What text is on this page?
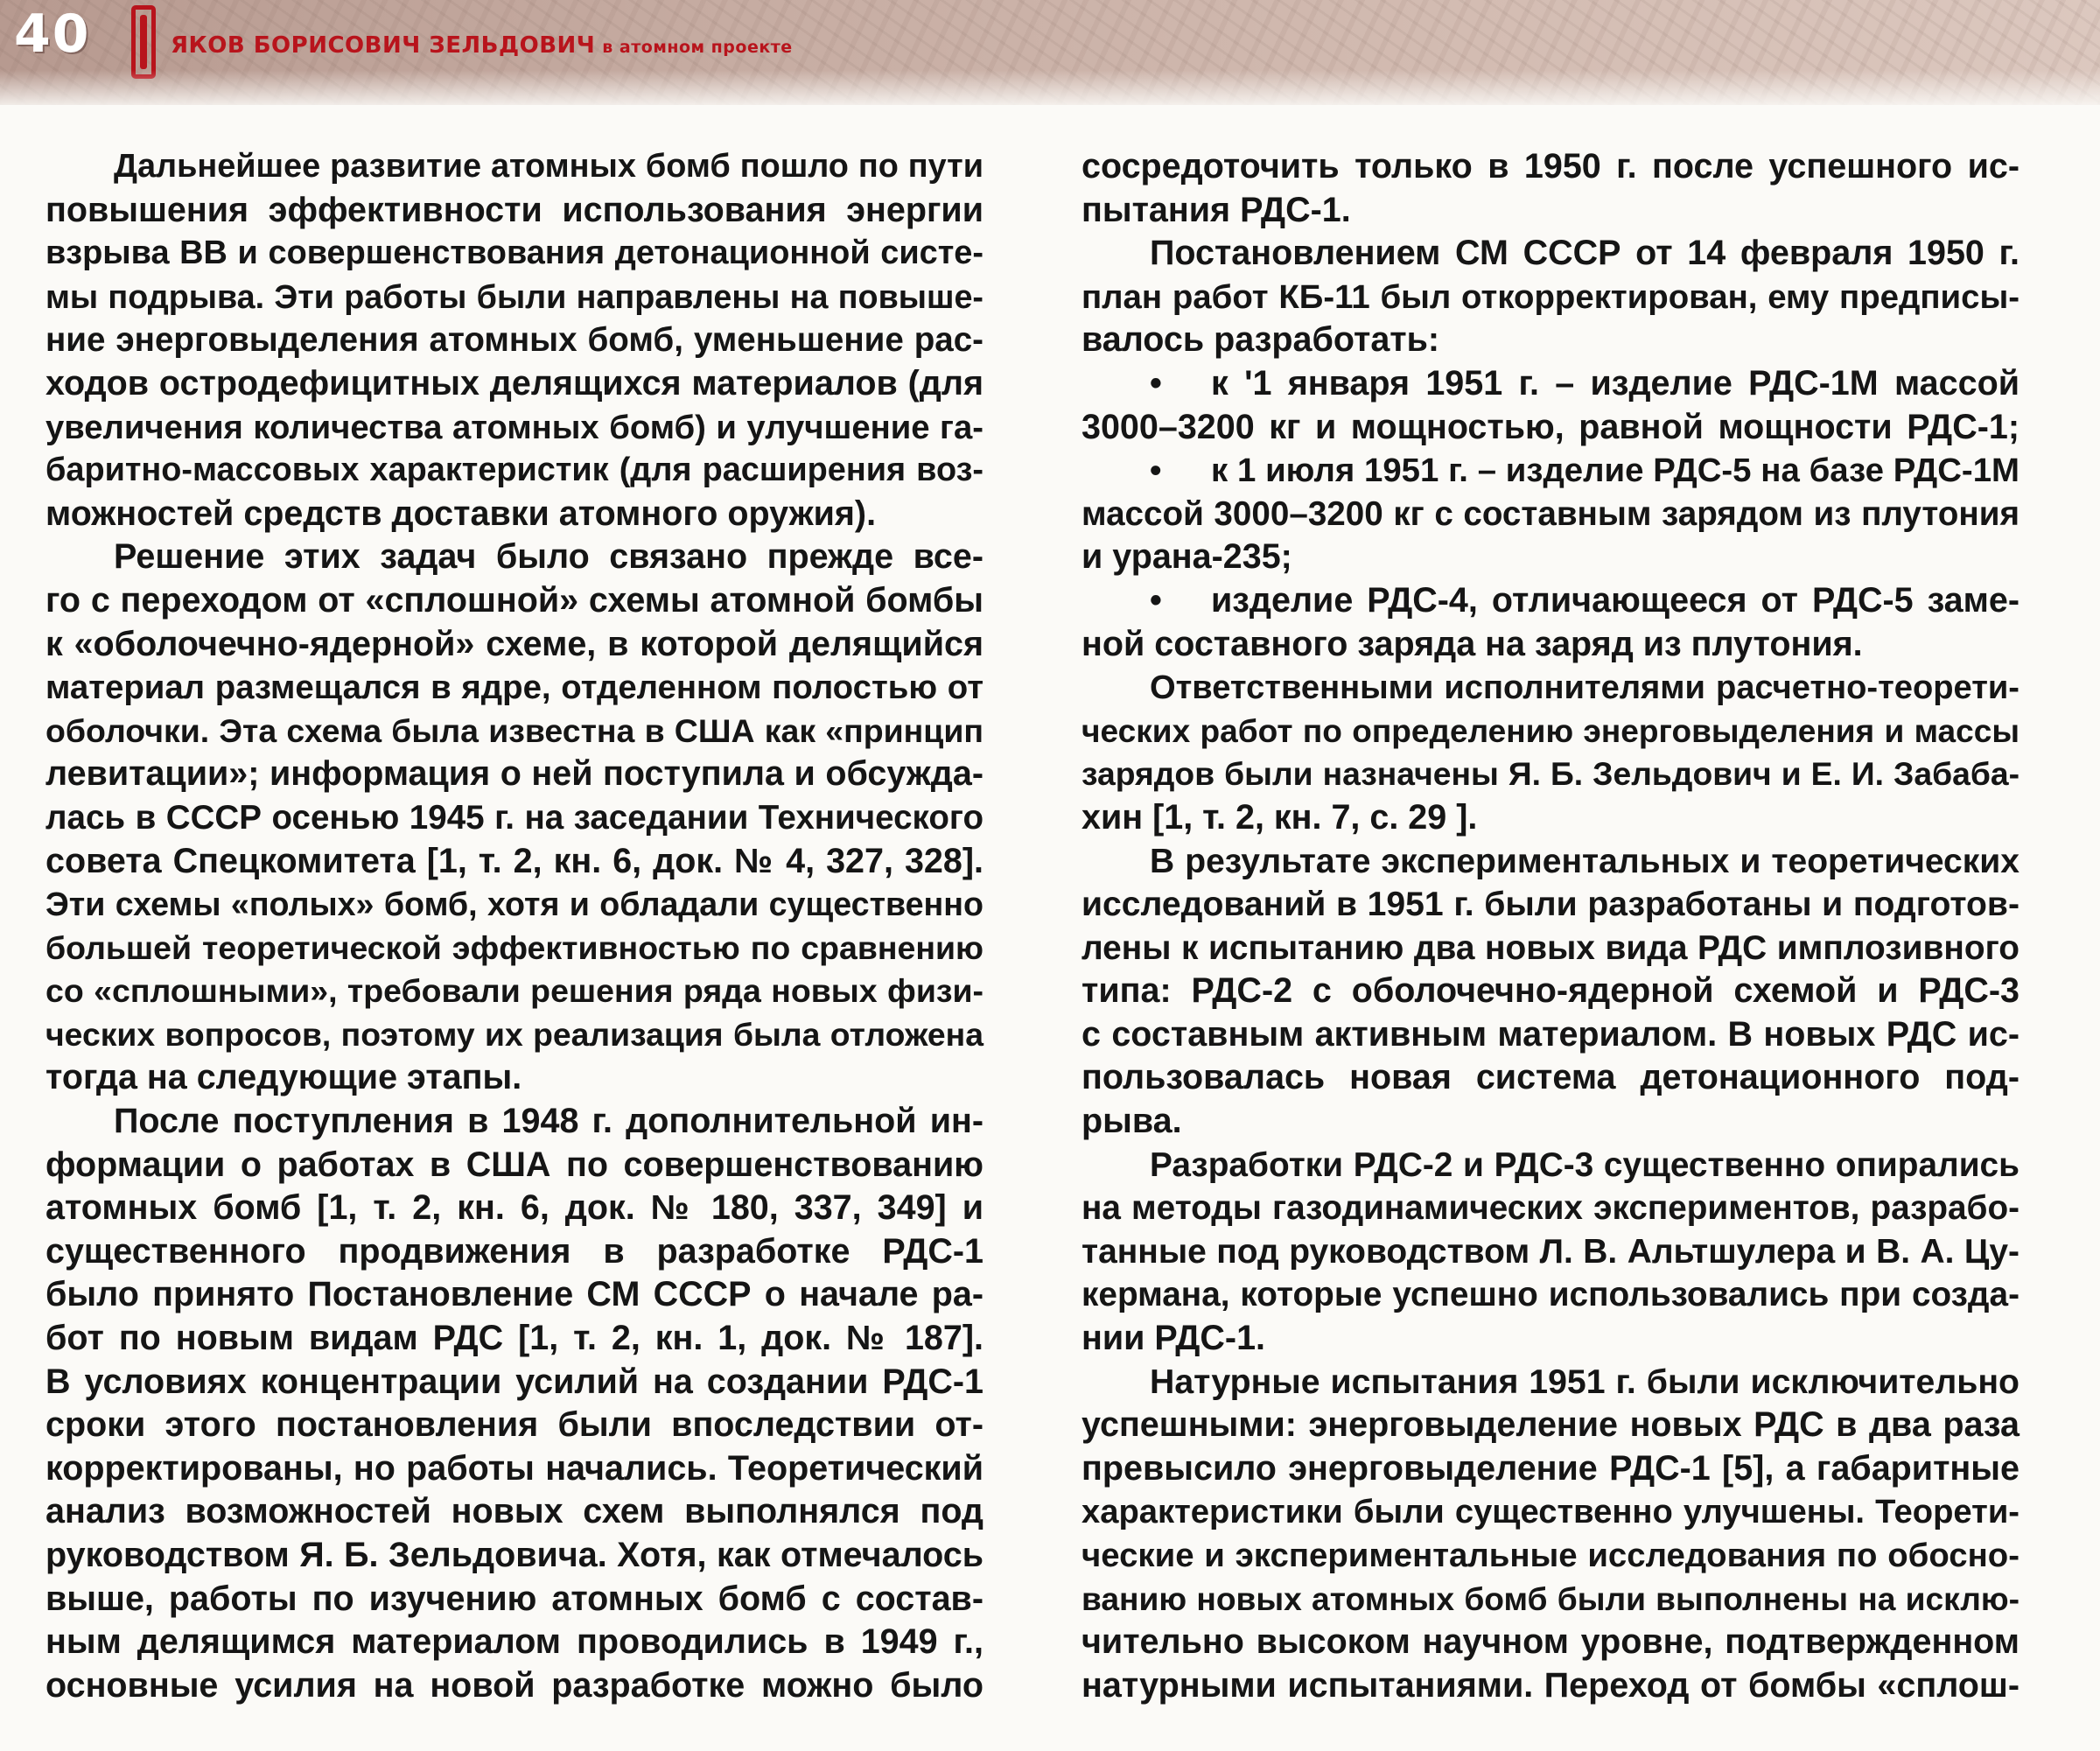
40	ЯКОВ БОРИСОВИЧ ЗЕЛЬДОВИЧ в атомном проекте

Дальнейшее развитие атомных бомб пошло по пути

повышения эффективности использования энергии

взрыва ВВ и совершенствования детонационной систе-

мы подрыва. Эти работы были направлены на повыше-

ние энерговыделения атомных бомб, уменьшение рас-

ходов остродефицитных делящихся материалов (для

увеличения количества атомных бомб) и улучшение га-

баритно-массовых характеристик (для расширения воз-

можностей средств доставки атомного оружия).

Решение этих задач было связано прежде все-

го с переходом от «сплошной» схемы атомной бомбы

к «оболочечно-ядерной» схеме, в которой делящийся

материал размещался в ядре, отделенном полостью от

оболочки. Эта схема была известна в США как «принцип

левитации»; информация о ней поступила и обсужда-

лась в СССР осенью 1945 г. на заседании Технического

совета Спецкомитета [1, т. 2, кн. 6, док. № 4, 327, 328].

Эти схемы «полых» бомб, хотя и обладали существенно

большей теоретической эффективностью по сравнению

со «сплошными», требовали решения ряда новых физи-

ческих вопросов, поэтому их реализация была отложена

тогда на следующие этапы.

После поступления в 1948 г. дополнительной ин-

формации о работах в США по совершенствованию

атомных бомб [1, т. 2, кн. 6, док. № 180, 337, 349] и

существенного продвижения в разработке РДС-1

было принято Постановление СМ СССР о начале ра-

бот по новым видам РДС [1, т. 2, кн. 1, док. № 187].

В условиях концентрации усилий на создании РДС-1

сроки этого постановления были впоследствии от-

корректированы, но работы начались. Теоретический

анализ возможностей новых схем выполнялся под

руководством Я. Б. Зельдовича. Хотя, как отмечалось

выше, работы по изучению атомных бомб с состав-

ным делящимся материалом проводились в 1949 г.,

основные усилия на новой разработке можно было

сосредоточить только в 1950 г. после успешного ис-

пытания РДС-1.

Постановлением СМ СССР от 14 февраля 1950 г.

план работ КБ-11 был откорректирован, ему предписы-

валось разработать:

• к '1 января 1951 г. – изделие РДС-1М массой

3000–3200 кг и мощностью, равной мощности РДС-1;

• к 1 июля 1951 г. – изделие РДС-5 на базе РДС-1М

массой 3000–3200 кг с составным зарядом из плутония

и урана-235;

• изделие РДС-4, отличающееся от РДС-5 заме-

ной составного заряда на заряд из плутония.

Ответственными исполнителями расчетно-теорети-

ческих работ по определению энерговыделения и массы

зарядов были назначены Я. Б. Зельдович и Е. И. Забаба-

хин [1, т. 2, кн. 7, с. 29 ].

В результате экспериментальных и теоретических

исследований в 1951 г. были разработаны и подготов-

лены к испытанию два новых вида РДС имплозивного

типа: РДС-2 с оболочечно-ядерной схемой и РДС-3

с составным активным материалом. В новых РДС ис-

пользовалась новая система детонационного под-

рыва.

Разработки РДС-2 и РДС-3 существенно опирались

на методы газодинамических экспериментов, разрабо-

танные под руководством Л. В. Альтшулера и В. А. Цу-

кермана, которые успешно использовались при созда-

нии РДС-1.

Натурные испытания 1951 г. были исключительно

успешными: энерговыделение новых РДС в два раза

превысило энерговыделение РДС-1 [5], а габаритные

характеристики были существенно улучшены. Теорети-

ческие и экспериментальные исследования по обосно-

ванию новых атомных бомб были выполнены на исклю-

чительно высоком научном уровне, подтвержденном

натурными испытаниями. Переход от бомбы «сплош-
